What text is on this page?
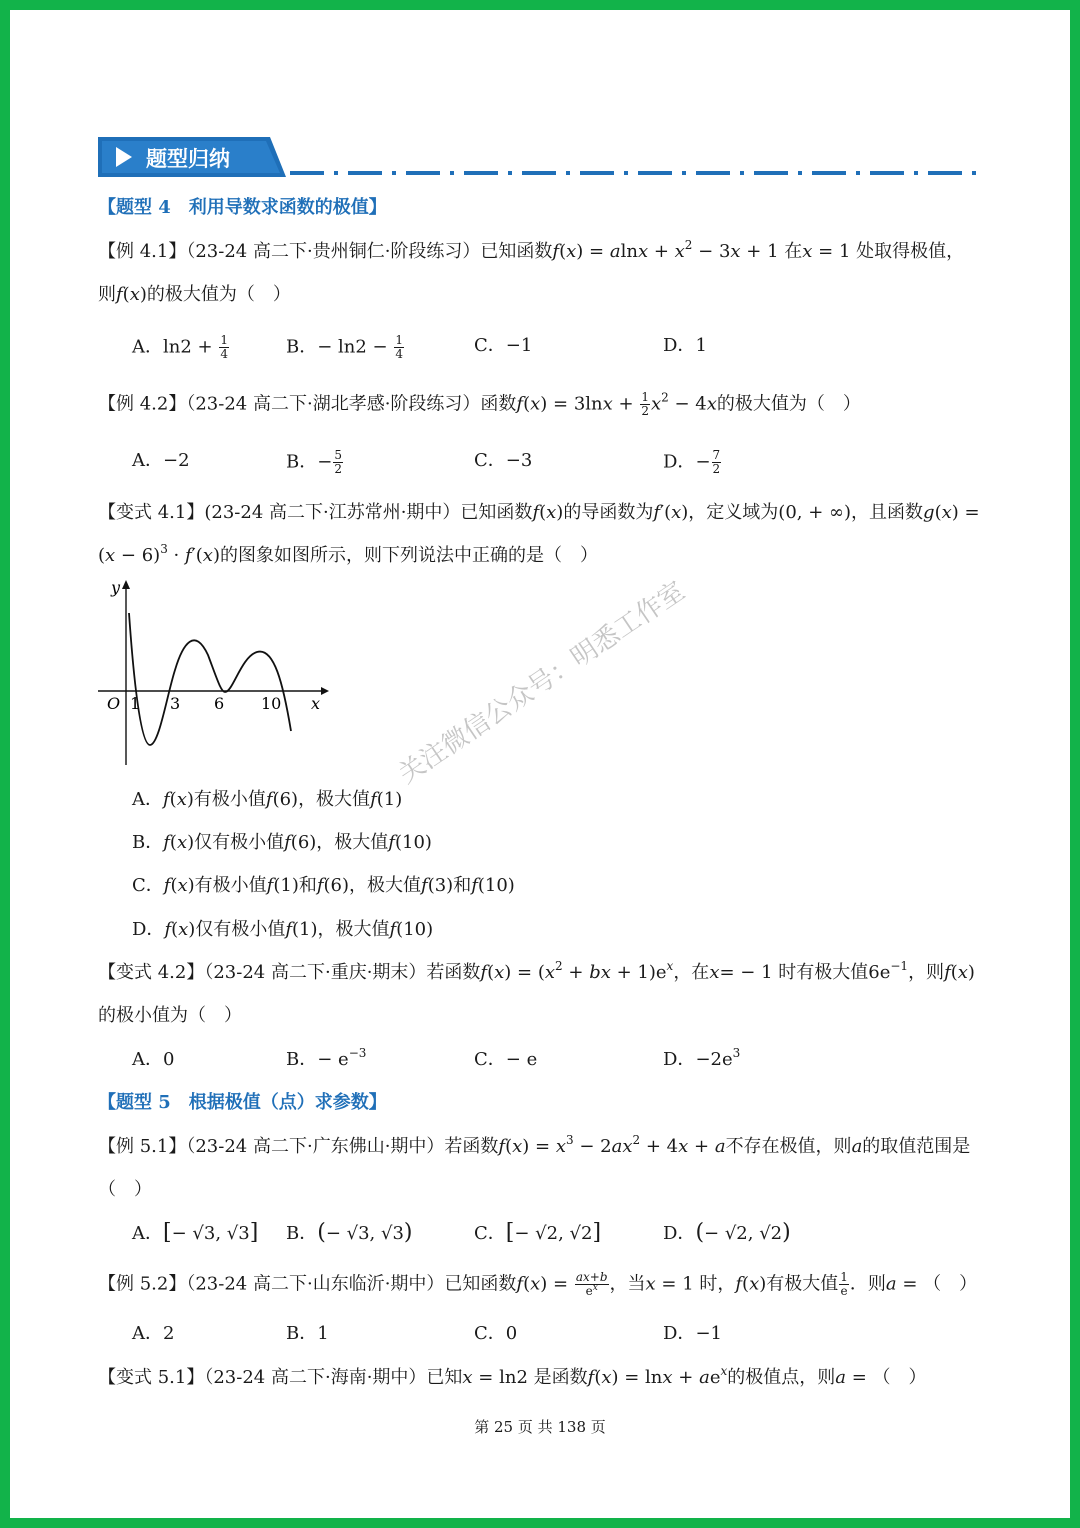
题型归纳
【题型 4　利用导数求函数的极值】
【例 4.1】（23-24 高二下·贵州铜仁·阶段练习）已知函数$f(x) = alnx + x^2 - 3x + 1$ 在x = 1 处取得极值，
则f(x)的极大值为（　）
A．$\ln 2 + \frac{1}{4}$	B．− $\ln 2 - \frac{1}{4}$	C．−1	D．1
【例 4.2】（23-24 高二下·湖北孝感·阶段练习）函数$f(x) = 3\ln x + \frac{1}{2} x^2 - 4x$的极大值为（　）
A．−2	B．− $\frac{5}{2}$	C．−3	D．− $\frac{7}{2}$
【变式 4.1】(23-24 高二下·江苏常州·期中）已知函数f(x)的导函数为f′(x)，定义域为(0, + ∞)，且函数g(x) =
$(x - 6)^3 \cdot f'(x)$的图象如图所示，则下列说法中正确的是（　）
y
x
O 1 3 6 10
A．f(x)有极小值f(6)，极大值f(1)
B．f(x)仅有极小值f(6)，极大值f(10)
C．f(x)有极小值f(1)和f(6)，极大值f(3)和f(10)
D．f(x)仅有极小值f(1)，极大值f(10)
【变式 4.2】（23-24 高二下·重庆·期末）若函数$f(x) = (x^2$ + bx + $1)e^x$，在x= − 1 时有极大值$6e^{-1}$，则f(x)
的极小值为（　）
A．0	B．− $e^{-3}$	C．− e	D．$-2e^3$
【题型 5　根据极值（点）求参数】
【例 5.1】（23-24 高二下·广东佛山·期中）若函数$f(x) = x^3 - 2ax^2 + 4x + a$不存在极值，则a的取值范围是
（　）
A．[− √3, √3] B．(− √3, √3)	C．[− √2, √2]	D．(− √2, √2)
【例 5.2】（23-24 高二下·山东临沂·期中）已知函数$f(x) = \frac{ax+b}{e^x}$ ，当x = 1 时，f(x)有极大值 $\frac{1}{e}$ ．则a = （　）
A．2	B．1	C．0	D．−1
【变式 5.1】（23-24 高二下·海南·期中）已知x = ln2 是函数$f(x) = \ln x + ae^x$的极值点，则a = （　）
关注微信公众号：明悉工作室
第 25 页 共 138 页
